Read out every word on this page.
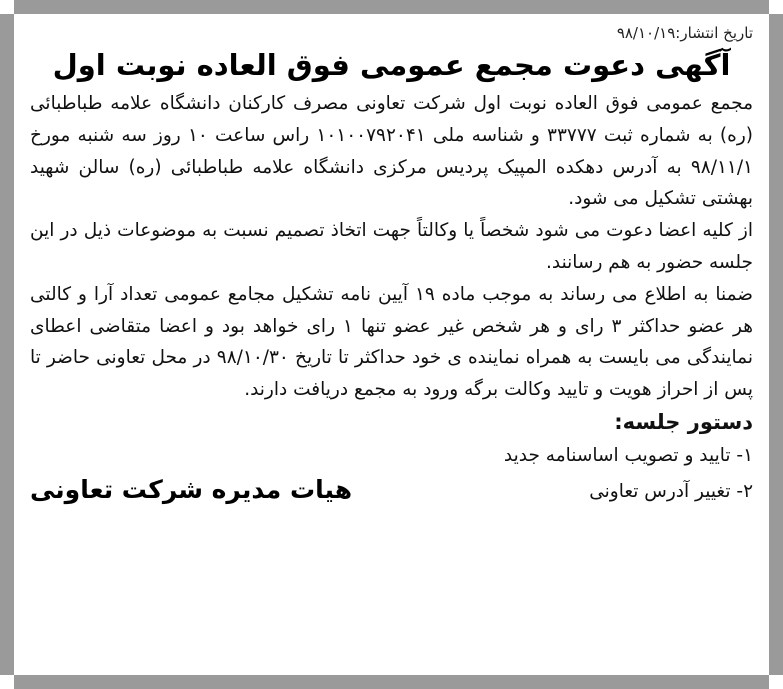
تاریخ انتشار:۹۸/۱۰/۱۹
آگهی دعوت مجمع عمومی فوق العاده نوبت اول

مجمع عمومی فوق العاده نوبت اول شرکت تعاونی مصرف کارکنان دانشگاه علامه طباطبائی (ره) به شماره ثبت ۳۳۷۷۷ و شناسه ملی ۱۰۱۰۰۷۹۲۰۴۱ راس ساعت ۱۰ روز سه شنبه مورخ ۹۸/۱۱/۱ به آدرس دهکده المپیک پردیس مرکزی دانشگاه علامه طباطبائی (ره) سالن شهید بهشتی تشکیل می شود.

از کلیه اعضا دعوت می شود شخصاً یا وکالتاً جهت اتخاذ تصمیم نسبت به موضوعات ذیل در این جلسه حضور به هم رسانند.

ضمنا به اطلاع می رساند به موجب ماده ۱۹ آیین نامه تشکیل مجامع عمومی تعداد آرا و کالتی هر عضو حداکثر ۳ رای و هر شخص غیر عضو تنها ۱ رای خواهد بود و اعضا متقاضی اعطای نمایندگی می بایست به همراه نماینده ی خود حداکثر تا تاریخ ۹۸/۱۰/۳۰ در محل تعاونی حاضر تا پس از احراز هویت و تایید وکالت برگه ورود به مجمع دریافت دارند.

دستور جلسه:
۱- تایید و تصویب اساسنامه جدید
۲- تغییر آدرس تعاونی
هیات مدیره شرکت تعاونی
